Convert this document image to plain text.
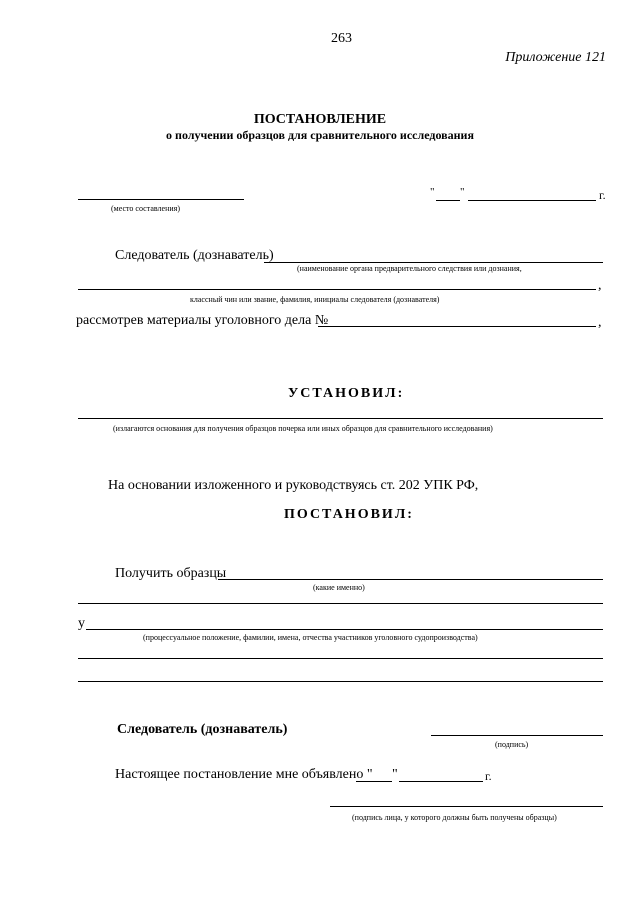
263
Приложение 121
ПОСТАНОВЛЕНИЕ
о получении образцов для сравнительного исследования
(место составления)
" "	г.
Следователь (дознаватель)
(наименование органа предварительного следствия или дознания,
,
классный чин или звание, фамилия, инициалы следователя (дознавателя)
рассмотрев материалы уголовного дела №	,
УСТАНОВИЛ:
(излагаются основания для получения образцов почерка или иных образцов для сравнительного исследования)
На основании изложенного и руководствуясь ст. 202 УПК РФ,
ПОСТАНОВИЛ:
Получить образцы
(какие именно)
у
(процессуальное положение, фамилии, имена, отчества участников уголовного судопроизводства)
Следователь (дознаватель)
(подпись)
Настоящее постановление мне объявлено " "	г.
(подпись лица, у которого должны быть получены образцы)
